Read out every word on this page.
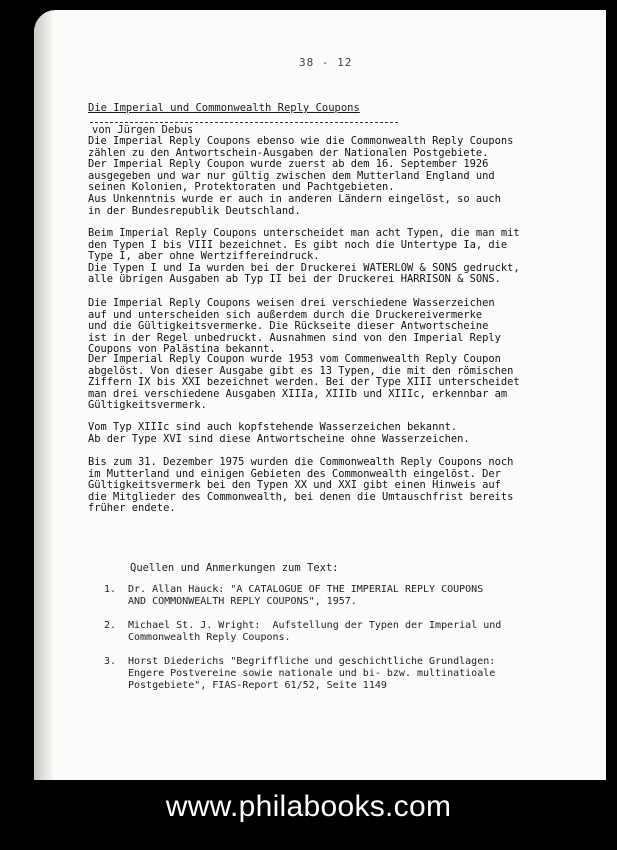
38 - 12
Die Imperial und Commonwealth Reply Coupons
von Jürgen Debus

Die Imperial Reply Coupons ebenso wie die Commonwealth Reply Coupons
zählen zu den Antwortschein-Ausgaben der Nationalen Postgebiete.
Der Imperial Reply Coupon wurde zuerst ab dem 16. September 1926
ausgegeben und war nur gültig zwischen dem Mutterland England und
seinen Kolonien, Protektoraten und Pachtgebieten.
Aus Unkenntnis wurde er auch in anderen Ländern eingelöst, so auch
in der Bundesrepublik Deutschland.

Beim Imperial Reply Coupons unterscheidet man acht Typen, die man mit
den Typen I bis VIII bezeichnet. Es gibt noch die Untertype Ia, die
Type I, aber ohne Wertziffereindruck.
Die Typen I und Ia wurden bei der Druckerei WATERLOW & SONS gedruckt,
alle übrigen Ausgaben ab Typ II bei der Druckerei HARRISON & SONS.

Die Imperial Reply Coupons weisen drei verschiedene Wasserzeichen
auf und unterscheiden sich außerdem durch die Druckereivermerke
und die Gültigkeitsvermerke. Die Rückseite dieser Antwortscheine
ist in der Regel unbedruckt. Ausnahmen sind von den Imperial Reply
Coupons von Palästina bekannt.

Der Imperial Reply Coupon wurde 1953 vom Commenwealth Reply Coupon
abgelöst. Von dieser Ausgabe gibt es 13 Typen, die mit den römischen
Ziffern IX bis XXI bezeichnet werden. Bei der Type XIII unterscheidet
man drei verschiedene Ausgaben XIIIa, XIIIb und XIIIc, erkennbar am
Gültigkeitsvermerk.

Vom Typ XIIIc sind auch kopfstehende Wasserzeichen bekannt.
Ab der Type XVI sind diese Antwortscheine ohne Wasserzeichen.

Bis zum 31. Dezember 1975 wurden die Commonwealth Reply Coupons noch
im Mutterland und einigen Gebieten des Commonwealth eingelöst. Der
Gültigkeitsvermerk bei den Typen XX und XXI gibt einen Hinweis auf
die Mitglieder des Commonwealth, bei denen die Umtauschfrist bereits
früher endete.

Quellen und Anmerkungen zum Text:
1.	Dr. Allan Hauck: "A CATALOGUE OF THE IMPERIAL REPLY COUPONS
AND COMMONWEALTH REPLY COUPONS", 1957.
2.	Michael St. J. Wright:  Aufstellung der Typen der Imperial und
Commonwealth Reply Coupons.
3.	Horst Diederichs "Begriffliche und geschichtliche Grundlagen:
Engere Postvereine sowie nationale und bi- bzw. multinatioale
Postgebiete", FIAS-Report 61/52, Seite 1149
www.philabooks.com
